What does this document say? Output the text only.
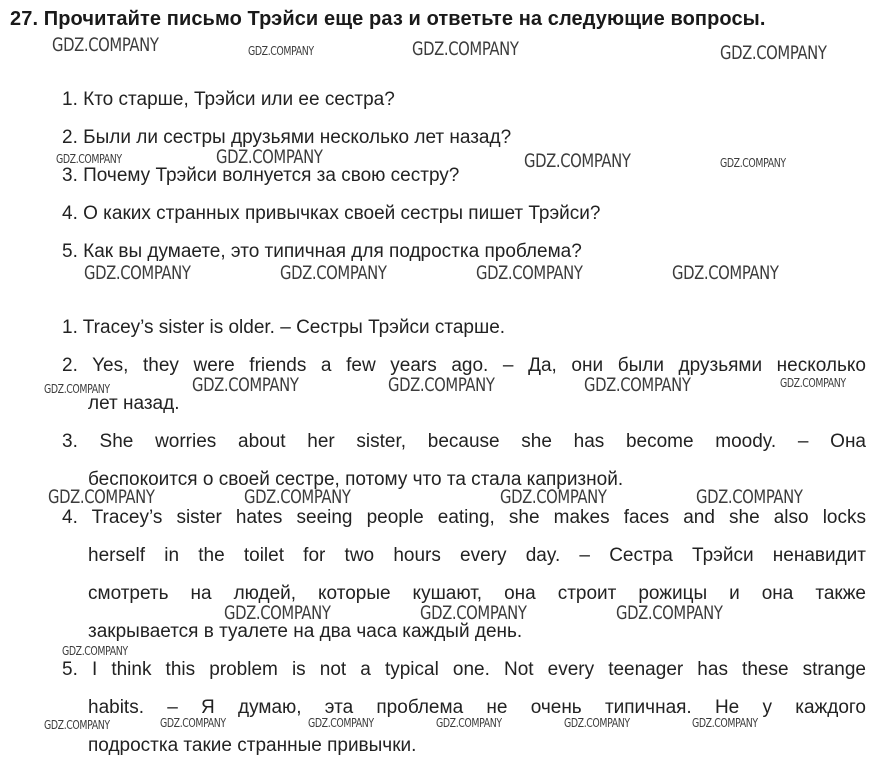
27. Прочитайте письмо Трэйси еще раз и ответьте на следующие вопросы.
1. Кто старше, Трэйси или ее сестра?
2. Были ли сестры друзьями несколько лет назад?
3. Почему Трэйси волнуется за свою сестру?
4. О каких странных привычках своей сестры пишет Трэйси?
5. Как вы думаете, это типичная для подростка проблема?
1. Tracey’s sister is older. – Сестры Трэйси старше.
2. Yes, they were friends a few years ago. – Да, они были друзьями несколько
лет назад.
3. She worries about her sister, because she has become moody. – Она
беспокоится о своей сестре, потому что та стала капризной.
4. Tracey’s sister hates seeing people eating, she makes faces and she also locks
herself in the toilet for two hours every day. – Сестра Трэйси ненавидит
смотреть на людей, которые кушают, она строит рожицы и она также
закрывается в туалете на два часа каждый день.
5. I think this problem is not a typical one. Not every teenager has these strange
habits. – Я думаю, эта проблема не очень типичная. Не у каждого
подростка такие странные привычки.
GDZ.COMPANY	GDZ.COMPANY	GDZ.COMPANY	GDZ.COMPANY
GDZ.COMPANY	GDZ.COMPANY	GDZ.COMPANY	GDZ.COMPANY
GDZ.COMPANY	GDZ.COMPANY	GDZ.COMPANY	GDZ.COMPANY
GDZ.COMPANY	GDZ.COMPANY	GDZ.COMPANY	GDZ.COMPANY	GDZ.COMPANY
GDZ.COMPANY	GDZ.COMPANY	GDZ.COMPANY	GDZ.COMPANY
GDZ.COMPANY	GDZ.COMPANY	GDZ.COMPANY
GDZ.COMPANY
GDZ.COMPANY	GDZ.COMPANY	GDZ.COMPANY	GDZ.COMPANY	GDZ.COMPANY	GDZ.COMPANY
